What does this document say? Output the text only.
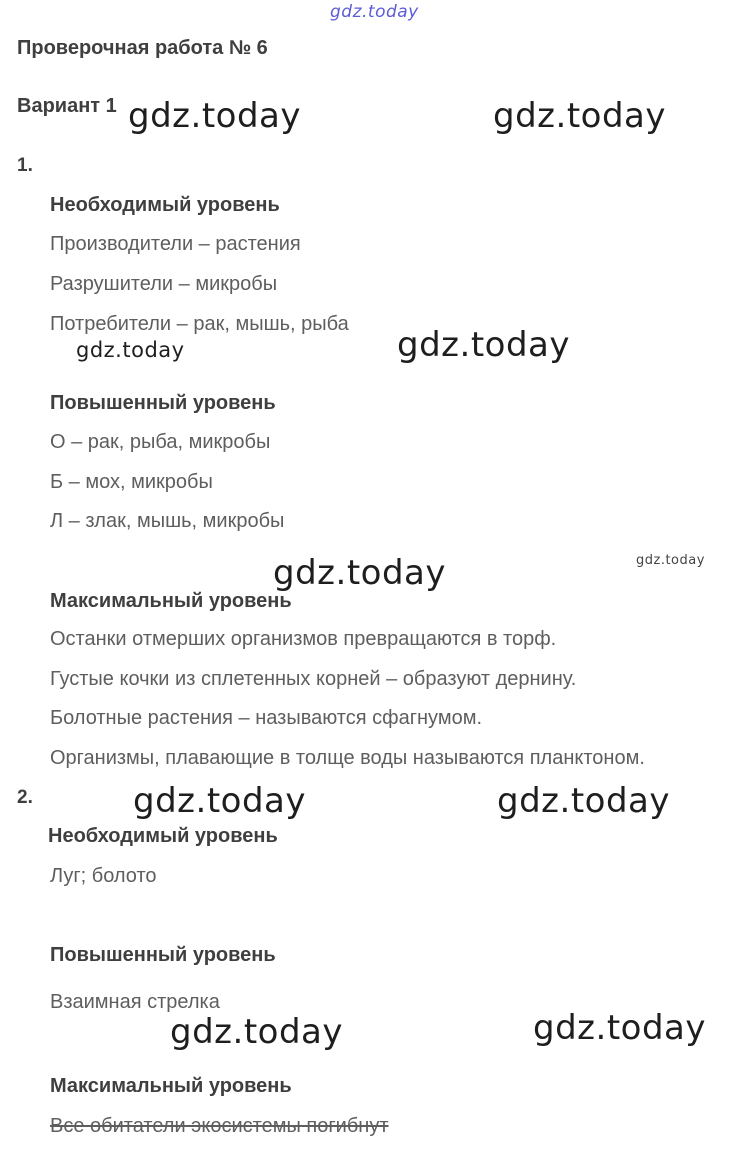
gdz.today
gdz.today	gdz.today
gdz.today	gdz.today
gdz.today	gdz.today
gdz.today	gdz.today
gdz.today	gdz.today
Проверочная работа № 6
Вариант 1
1.
Необходимый уровень
Производители – растения
Разрушители – микробы
Потребители – рак, мышь, рыба
Повышенный уровень
О – рак, рыба, микробы
Б – мох, микробы
Л – злак, мышь, микробы
Максимальный уровень
Останки отмерших организмов превращаются в торф.
Густые кочки из сплетенных корней – образуют дернину.
Болотные растения – называются сфагнумом.
Организмы, плавающие в толще воды называются планктоном.
2.
Необходимый уровень
Луг; болото
Повышенный уровень
Взаимная стрелка
Максимальный уровень
Все обитатели экосистемы погибнут
